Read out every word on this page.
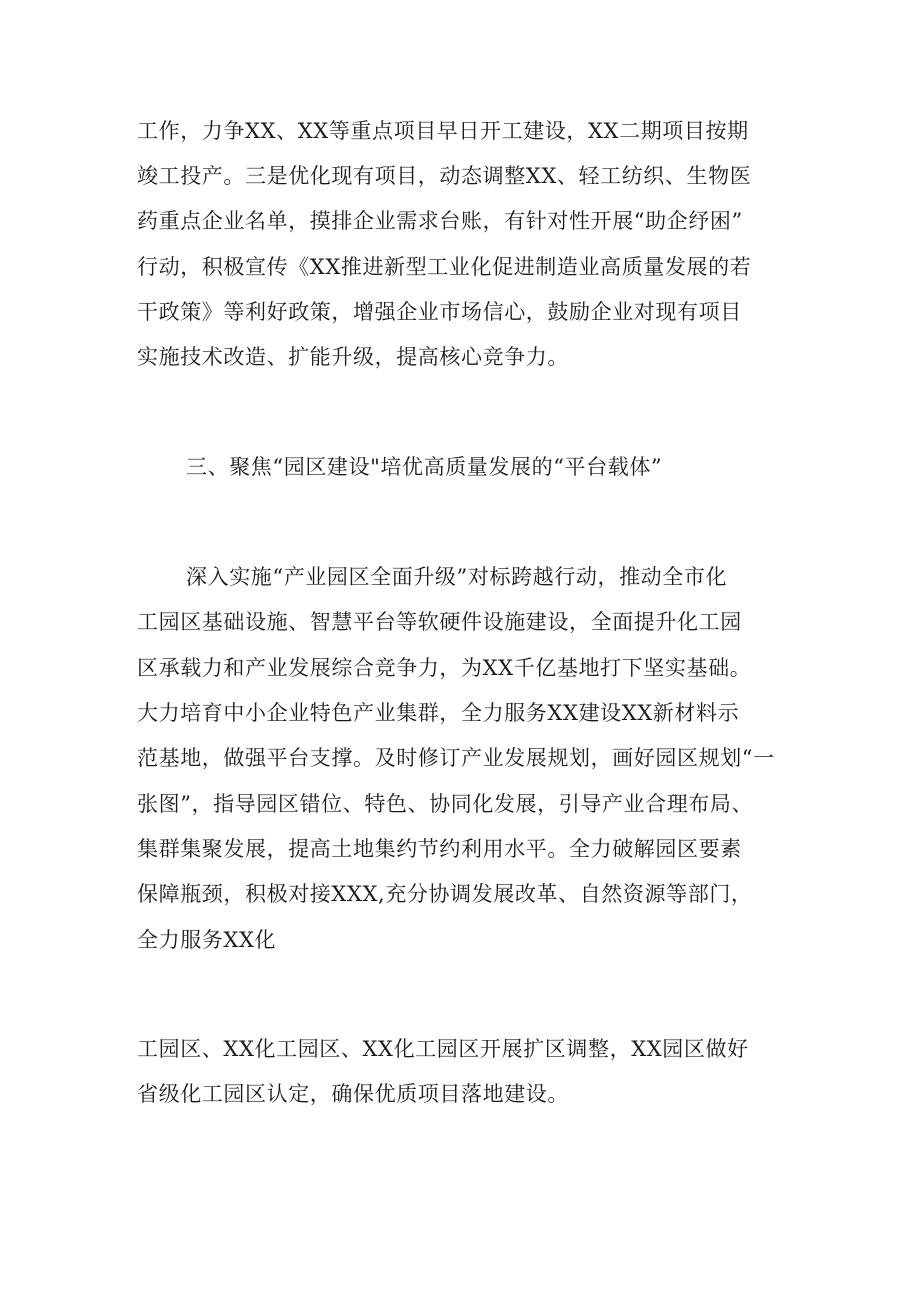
工作，力争XX、XX等重点项目早日开工建设，XX二期项目按期
竣工投产。三是优化现有项目，动态调整XX、轻工纺织、生物医
药重点企业名单，摸排企业需求台账，有针对性开展“助企纾困”
行动，积极宣传《XX推进新型工业化促进制造业高质量发展的若
干政策》等利好政策，增强企业市场信心，鼓励企业对现有项目
实施技术改造、扩能升级，提高核心竞争力。
三、聚焦“园区建设"培优高质量发展的“平台载体”
深入实施“产业园区全面升级”对标跨越行动，推动全市化
工园区基础设施、智慧平台等软硬件设施建设，全面提升化工园
区承载力和产业发展综合竞争力，为XX千亿基地打下坚实基础。
大力培育中小企业特色产业集群，全力服务XX建设XX新材料示
范基地，做强平台支撑。及时修订产业发展规划，画好园区规划“一
张图”，指导园区错位、特色、协同化发展，引导产业合理布局、
集群集聚发展，提高土地集约节约利用水平。全力破解园区要素
保障瓶颈，积极对接XXX,充分协调发展改革、自然资源等部门，
全力服务XX化
工园区、XX化工园区、XX化工园区开展扩区调整，XX园区做好
省级化工园区认定，确保优质项目落地建设。
